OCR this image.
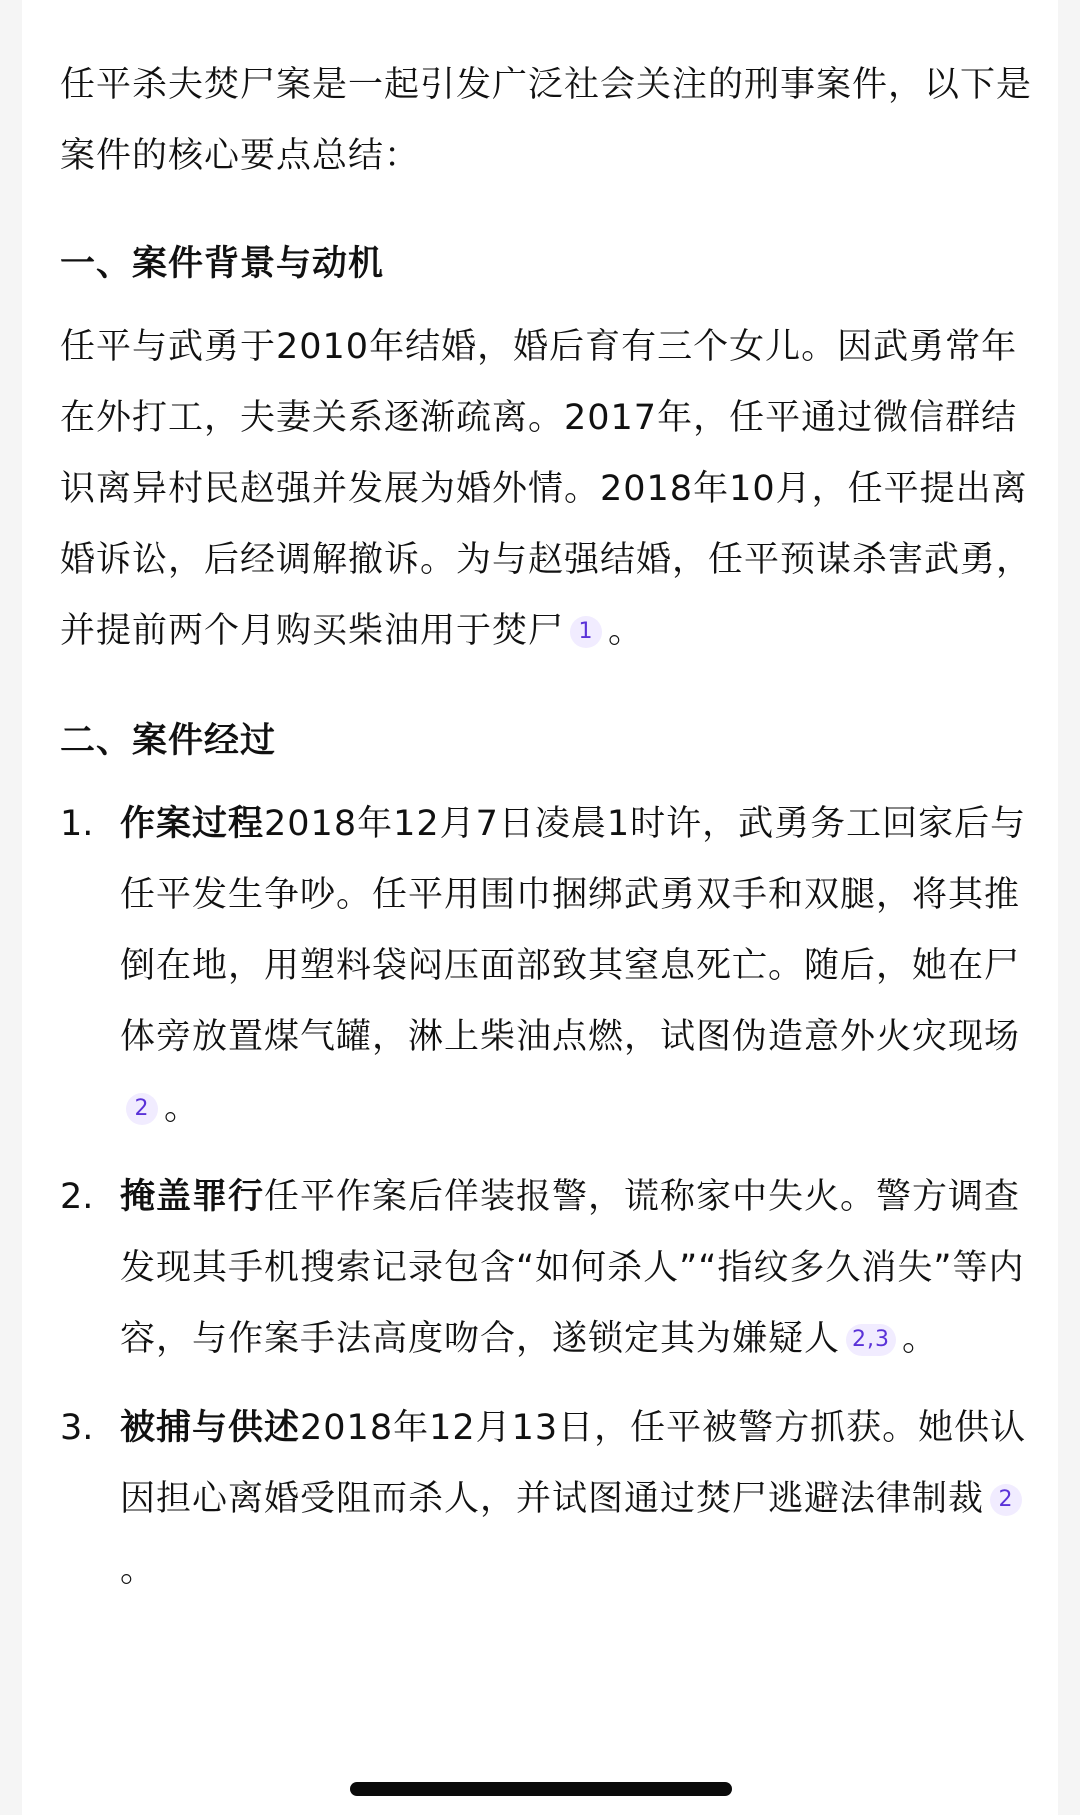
任平杀夫焚尸案是一起引发广泛社会关注的刑事案件，以下是案件的核心要点总结：

一、案件背景与动机

任平与武勇于2010年结婚，婚后育有三个女儿。因武勇常年在外打工，夫妻关系逐渐疏离。2017年，任平通过微信群结识离异村民赵强并发展为婚外情。2018年10月，任平提出离婚诉讼，后经调解撤诉。为与赵强结婚，任平预谋杀害武勇，并提前两个月购买柴油用于焚尸 1 。

二、案件经过
1. 作案过程2018年12月7日凌晨1时许，武勇务工回家后与任平发生争吵。任平用围巾捆绑武勇双手和双腿，将其推倒在地，用塑料袋闷压面部致其窒息死亡。随后，她在尸体旁放置煤气罐，淋上柴油点燃，试图伪造意外火灾现场2 。

2. 掩盖罪行任平作案后佯装报警，谎称家中失火。警方调查发现其手机搜索记录包含“如何杀人”“指纹多久消失”等内容，与作案手法高度吻合，遂锁定其为嫌疑人 2,3 。

3. 被捕与供述2018年12月13日，任平被警方抓获。她供认因担心离婚受阻而杀人，并试图通过焚尸逃避法律制裁 2。
